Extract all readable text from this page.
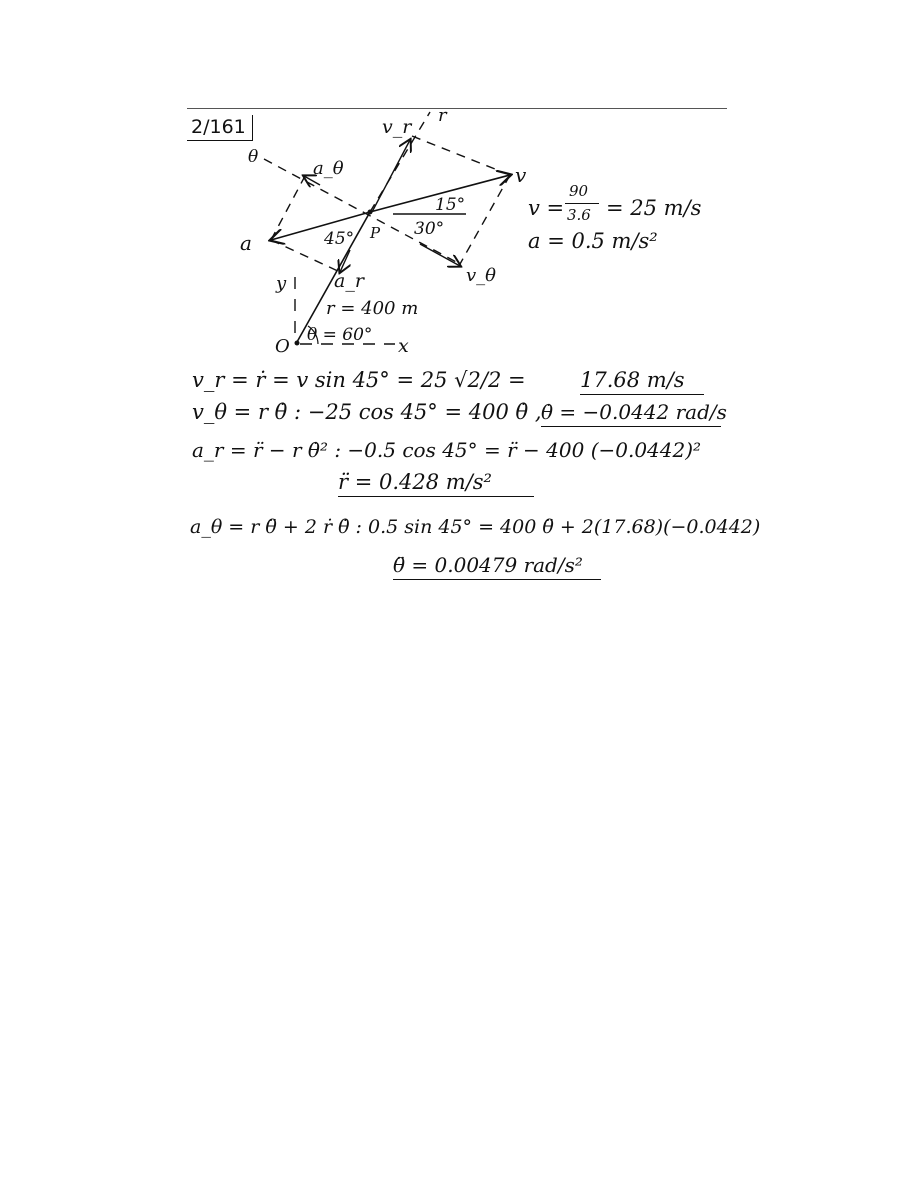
2/161
r
v_r
v
θ
a_θ
a	45° P
15°
30°
v_θ
a_r
y
r = 400 m
θ = 60°
O	x
v =
90
3.6 = 25 m/s
a = 0.5 m/s²
v_r = ṙ = v sin 45° = 25 √2/2 =	17.68 m/s
v_θ = r θ̇ : −25 cos 45° = 400 θ̇ , θ̇ = −0.0442 rad/s
a_r = r̈ − r θ̇² : −0.5 cos 45° = r̈ − 400 (−0.0442)²
r̈ = 0.428 m/s²
a_θ = r θ̈ + 2 ṙ θ̇ : 0.5 sin 45° = 400 θ̈ + 2(17.68)(−0.0442)
θ̈ = 0.00479 rad/s²
